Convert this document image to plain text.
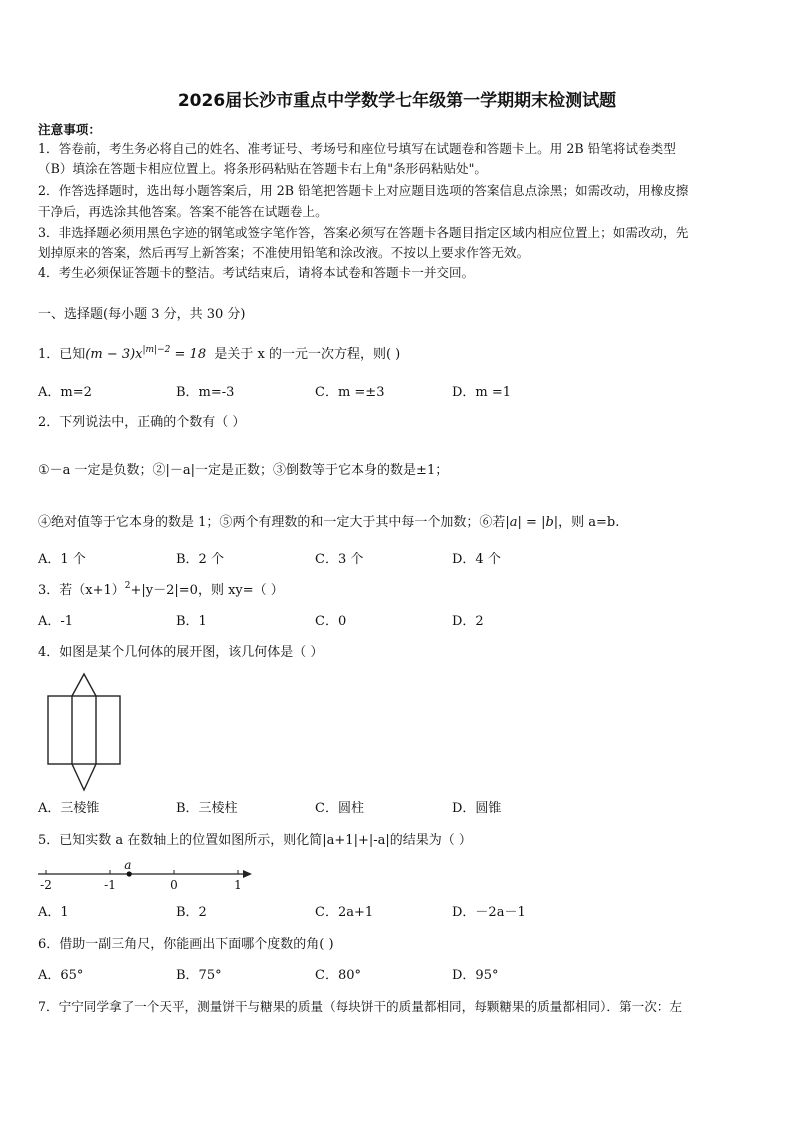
2026届长沙市重点中学数学七年级第一学期期末检测试题
注意事项：
1．答卷前，考生务必将自己的姓名、准考证号、考场号和座位号填写在试题卷和答题卡上。用 2B 铅笔将试卷类型
（B）填涂在答题卡相应位置上。将条形码粘贴在答题卡右上角"条形码粘贴处"。
2．作答选择题时，选出每小题答案后，用 2B 铅笔把答题卡上对应题目选项的答案信息点涂黑；如需改动，用橡皮擦
干净后，再选涂其他答案。答案不能答在试题卷上。
3．非选择题必须用黑色字迹的钢笔或签字笔作答，答案必须写在答题卡各题目指定区域内相应位置上；如需改动，先
划掉原来的答案，然后再写上新答案；不准使用铅笔和涂改液。不按以上要求作答无效。
4．考生必须保证答题卡的整洁。考试结束后，请将本试卷和答题卡一并交回。
一、选择题(每小题 3 分，共 30 分)
1．已知$(m - 3)x^{|m|-2} = 18$ 是关于 x 的一元一次方程，则( )
A．m=2	B．m=-3	C．m =±3	D．m =1
2．下列说法中，正确的个数有（ ）
①－a 一定是负数；②|－a|一定是正数；③倒数等于它本身的数是±1；
④绝对值等于它本身的数是 1；⑤两个有理数的和一定大于其中每一个加数；⑥若|a| = |b|，则 a=b.
A．1 个	B．2 个	C．3 个	D．4 个
3．若$(x+1)^2+|y-2|=0$，则 xy=（ ）
A．-1	B．1	C．0	D．2
4．如图是某个几何体的展开图，该几何体是（ ）
A．三棱锥	B．三棱柱	C．圆柱	D．圆锥
5．已知实数 a 在数轴上的位置如图所示，则化简|a+1|+|-a|的结果为（ ）
-2	-1	0	1
a
A．1	B．2	C．2a+1	D．－2a－1
6．借助一副三角尺，你能画出下面哪个度数的角( )
A．65°	B．75°	C．80°	D．95°
7．宁宁同学拿了一个天平，测量饼干与糖果的质量（每块饼干的质量都相同，每颗糖果的质量都相同）．第一次：左
